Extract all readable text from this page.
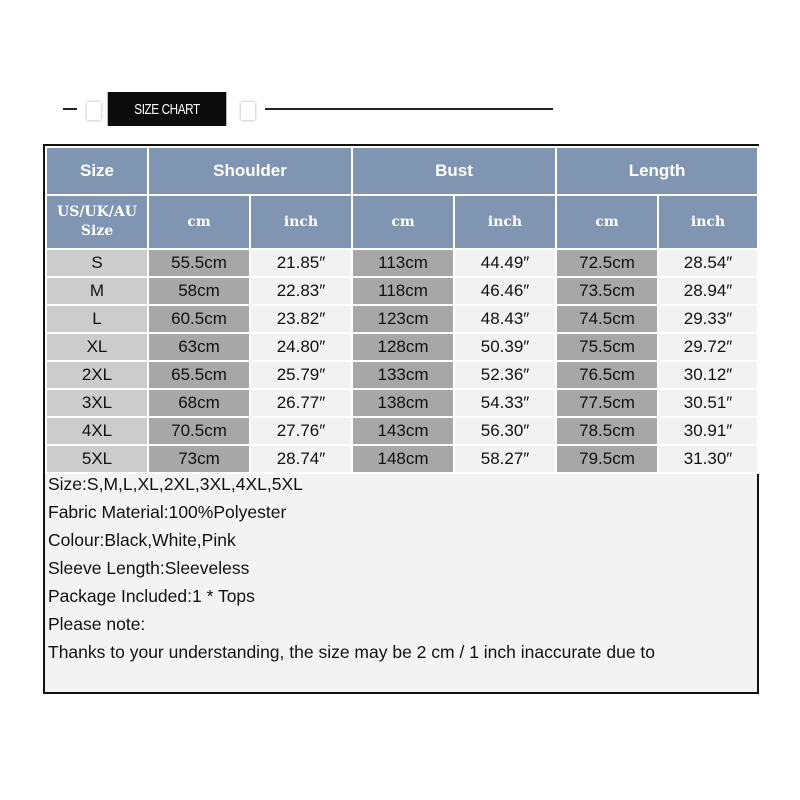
SIZE CHART
Size	Shoulder		Bust		Length	
US/UK/AU
Size	cm	inch	cm	inch	cm	inch
S	55.5cm	21.85″	113cm	44.49″	72.5cm	28.54″
M	58cm	22.83″	118cm	46.46″	73.5cm	28.94″
L	60.5cm	23.82″	123cm	48.43″	74.5cm	29.33″
XL	63cm	24.80″	128cm	50.39″	75.5cm	29.72″
2XL	65.5cm	25.79″	133cm	52.36″	76.5cm	30.12″
3XL	68cm	26.77″	138cm	54.33″	77.5cm	30.51″
4XL	70.5cm	27.76″	143cm	56.30″	78.5cm	30.91″
5XL	73cm	28.74″	148cm	58.27″	79.5cm	31.30″
Size:S,M,L,XL,2XL,3XL,4XL,5XL
Fabric Material:100%Polyester
Colour:Black,White,Pink
Sleeve Length:Sleeveless
Package Included:1 * Tops
Please note:
Thanks to your understanding, the size may be 2 cm / 1 inch inaccurate due to
